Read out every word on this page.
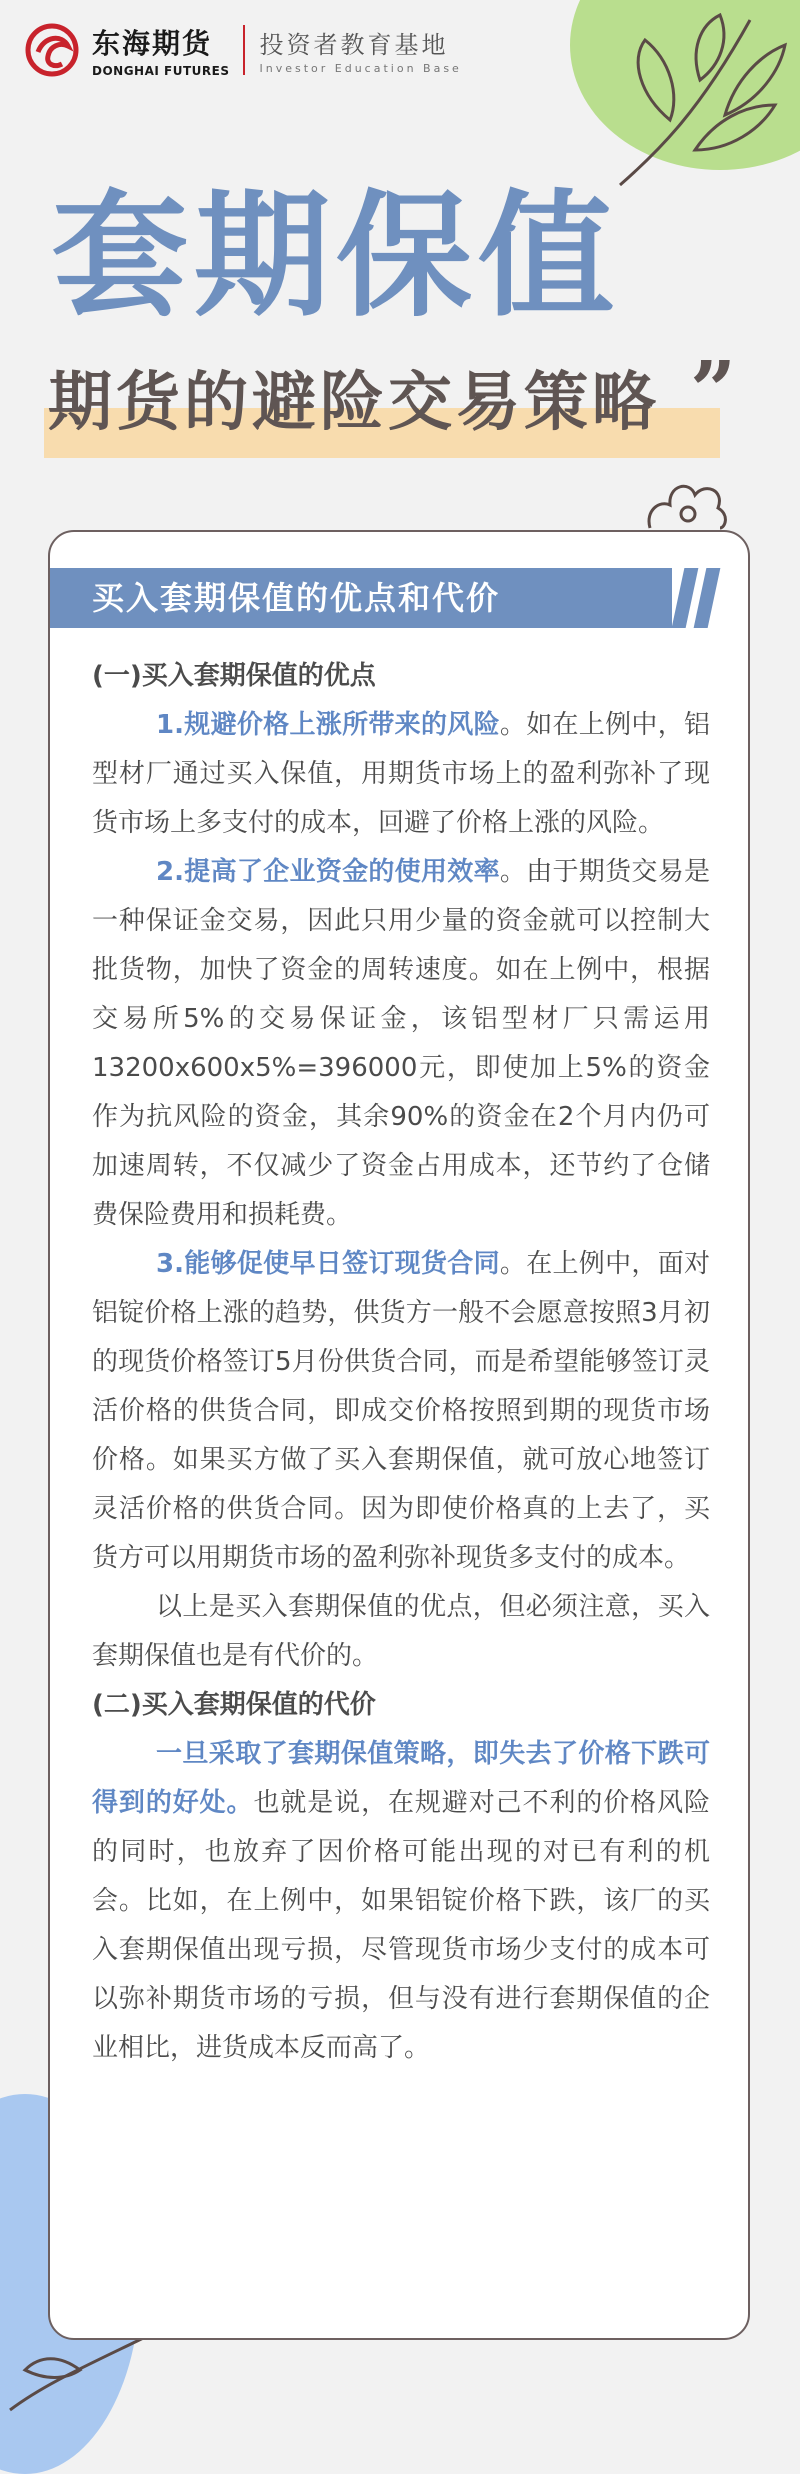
东海期货
DONGHAI FUTURES
投资者教育基地
Investor Education Base
套期保值
期货的避险交易策略 ”
买入套期保值的优点和代价

(一)买入套期保值的优点

1.规避价格上涨所带来的风险。如在上例中，铝型材厂通过买入保值，用期货市场上的盈利弥补了现货市场上多支付的成本，回避了价格上涨的风险。

2.提高了企业资金的使用效率。由于期货交易是一种保证金交易，因此只用少量的资金就可以控制大批货物，加快了资金的周转速度。如在上例中，根据交易所5%的交易保证金，该铝型材厂只需运用13200x600x5%=396000元，即使加上5%的资金作为抗风险的资金，其余90%的资金在2个月内仍可加速周转，不仅减少了资金占用成本，还节约了仓储费保险费用和损耗费。

3.能够促使早日签订现货合同。在上例中，面对铝锭价格上涨的趋势，供货方一般不会愿意按照3月初的现货价格签订5月份供货合同，而是希望能够签订灵活价格的供货合同，即成交价格按照到期的现货市场价格。如果买方做了买入套期保值，就可放心地签订灵活价格的供货合同。因为即使价格真的上去了，买货方可以用期货市场的盈利弥补现货多支付的成本。

以上是买入套期保值的优点，但必须注意，买入套期保值也是有代价的。

(二)买入套期保值的代价

一旦采取了套期保值策略，即失去了价格下跌可得到的好处。也就是说，在规避对己不利的价格风险的同时，也放弃了因价格可能出现的对已有利的机会。比如，在上例中，如果铝锭价格下跌，该厂的买入套期保值出现亏损，尽管现货市场少支付的成本可以弥补期货市场的亏损，但与没有进行套期保值的企业相比，进货成本反而高了。
